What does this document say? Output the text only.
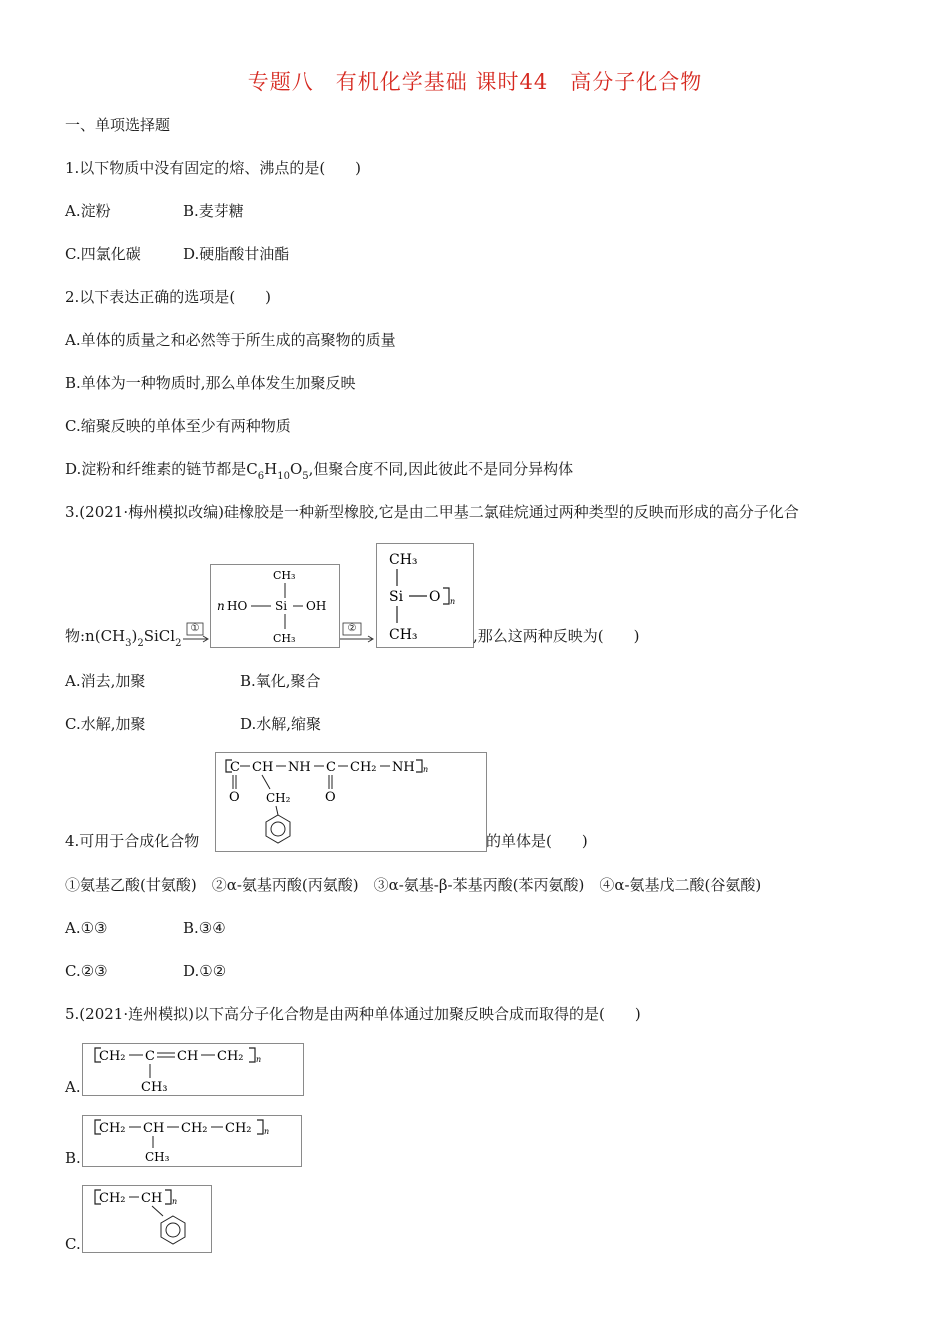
专题八　有机化学基础 课时44　高分子化合物
一、单项选择题
1.以下物质中没有固定的熔、沸点的是(　　)
A.淀粉	B.麦芽糖
C.四氯化碳	D.硬脂酸甘油酯
2.以下表达正确的选项是(　　)
A.单体的质量之和必然等于所生成的高聚物的质量
B.单体为一种物质时,那么单体发生加聚反映
C.缩聚反映的单体至少有两种物质
D.淀粉和纤维素的链节都是$C_6H_{10}O_5$,但聚合度不同,因此彼此不是同分异构体
3.(2021·梅州模拟改编)硅橡胶是一种新型橡胶,它是由二甲基二氯硅烷通过两种类型的反映而形成的高分子化合
物$:n(CH_3)_2SiCl_2$
①
CH₃
n HO Si OH
CH₃
②
CH₃
Si O n
CH₃	,那么这两种反映为(　　)
A.消去,加聚	B.氧化,聚合
C.水解,加聚	D.水解,缩聚
4.可用于合成化合物
C CH NH C CH₂ NH n
O	O
CH₂
的单体是(　　)
①氨基乙酸(甘氨酸)　②α-氨基丙酸(丙氨酸)　③α-氨基-β-苯基丙酸(苯丙氨酸)　④α-氨基戊二酸(谷氨酸)
A.①③	B.③④
C.②③	D.①②
5.(2021·连州模拟)以下高分子化合物是由两种单体通过加聚反映合成而取得的是(　　)
A.
CH₂ C CH CH₂ n
CH₃
B.
CH₂ CH CH₂ CH₂ n
CH₃
C.
CH₂ CH n
